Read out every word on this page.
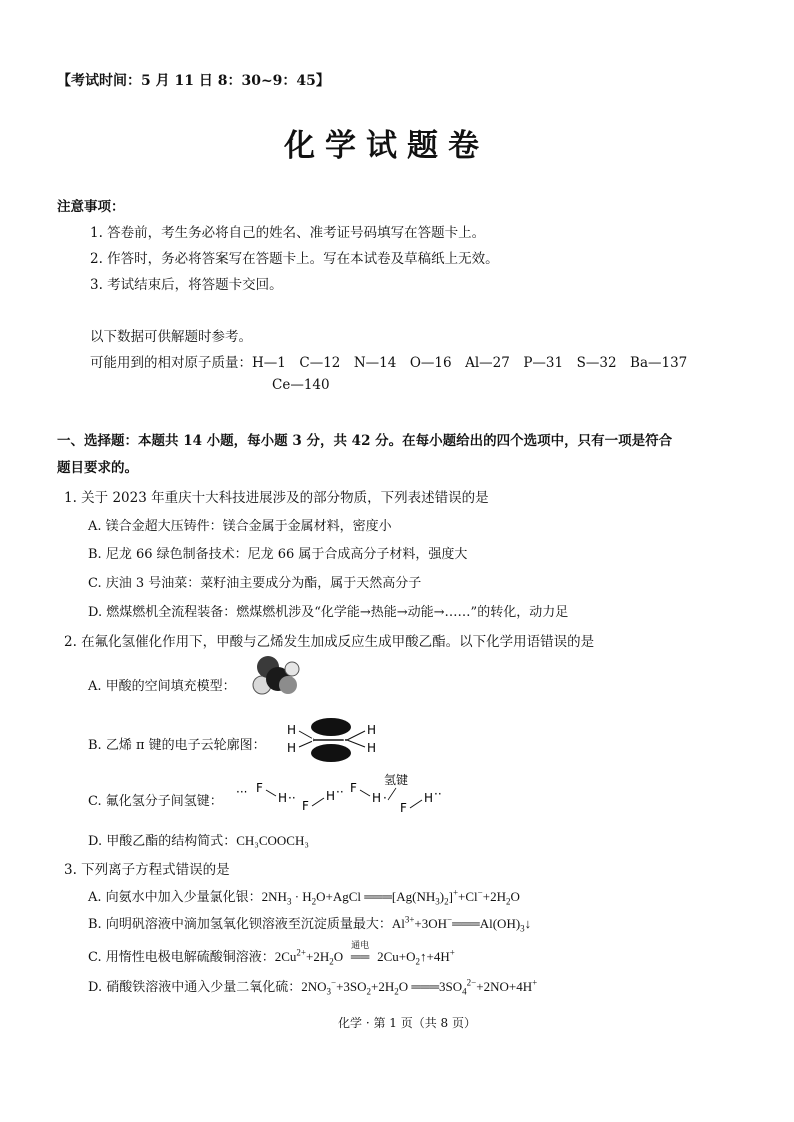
【考试时间：5 月 11 日 8：30~9：45】
化学试题卷
注意事项：
1. 答卷前，考生务必将自己的姓名、准考证号码填写在答题卡上。
2. 作答时，务必将答案写在答题卡上。写在本试卷及草稿纸上无效。
3. 考试结束后，将答题卡交回。
以下数据可供解题时参考。
可能用到的相对原子质量：H—1　C—12　N—14　O—16　Al—27　P—31　S—32　Ba—137
Ce—140
一、选择题：本题共 14 小题，每小题 3 分，共 42 分。在每小题给出的四个选项中，只有一项是符合
题目要求的。
1. 关于 2023 年重庆十大科技进展涉及的部分物质，下列表述错误的是
A. 镁合金超大压铸件：镁合金属于金属材料，密度小
B. 尼龙 66 绿色制备技术：尼龙 66 属于合成高分子材料，强度大
C. 庆油 3 号油菜：菜籽油主要成分为酯，属于天然高分子
D. 燃煤燃机全流程装备：燃煤燃机涉及“化学能→热能→动能→……”的转化，动力足
2. 在氟化氢催化作用下，甲酸与乙烯发生加成反应生成甲酸乙酯。以下化学用语错误的是
A. 甲酸的空间填充模型：
B. 乙烯 π 键的电子云轮廓图：
H
H
C C
H
H
C. 氟化氢分子间氢键：
氢键
··· F
H ··
F
H ·· F
H ·
F
H ··
D. 甲酸乙酯的结构简式：CH₃COOCH₃
3. 下列离子方程式错误的是
A. 向氨水中加入少量氯化银：$2NH_3$ · $H_2O+AgCl$ $═══[Ag(NH_3)_2]^++Cl^-+2H_2O$
B. 向明矾溶液中滴加氢氧化钡溶液至沉淀质量最大：$Al^{3+}+3OH^-═══Al(OH)_3↓$
C. 用惰性电极电解硫酸铜溶液：$2Cu^{2+}+2H_2O$
通电
══ $2Cu+O_2↑+4H^+$
D. 硝酸铁溶液中通入少量二氧化硫：$2NO_3^-+3SO_2+2H_2O$ $═══3SO_4^{2-}+2NO+4H^+$
化学 · 第 1 页（共 8 页）
